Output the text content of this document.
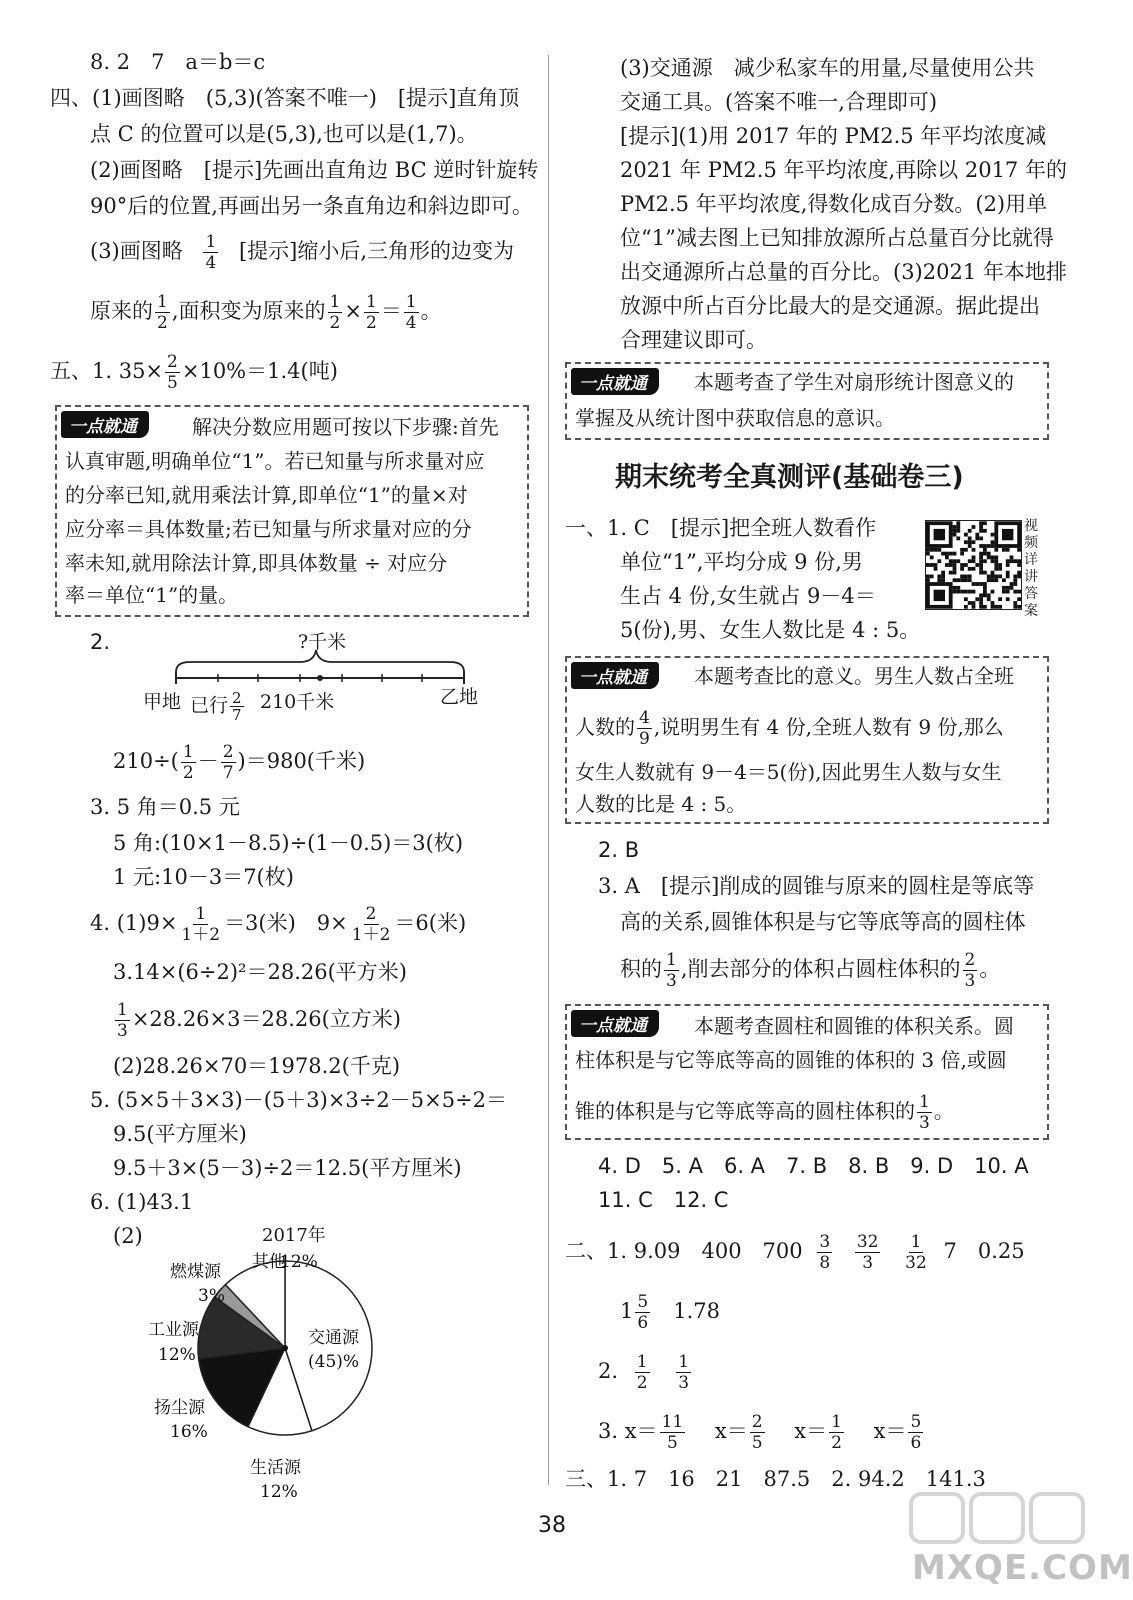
8. 2　7　a＝b＝c
四、(1)画图略　(5,3)(答案不唯一)　[提示]直角顶
点 C 的位置可以是(5,3),也可以是(1,7)。
(2)画图略　[提示]先画出直角边 BC 逆时针旋转
90°后的位置,再画出另一条直角边和斜边即可。
(3)画图略 $\frac{1}{4}$ [提示]缩小后,三角形的边变为
原来的 $\frac{1}{2}$ ,面积变为原来的 $\frac{1}{2} \times \frac{1}{2} = \frac{1}{4}$ 。
五、1. $35\times \frac{2}{5} \times 10\%=1.4$(吨)
一点就通	解决分数应用题可按以下步骤:首先
认真审题,明确单位“1”。若已知量与所求量对应
的分率已知,就用乘法计算,即单位“1”的量×对
应分率＝具体数量;若已知量与所求量对应的分
率未知,就用除法计算,即具体数量 ÷ 对应分
率＝单位“1”的量。
2.	?千米
甲地 已行 $\frac{2}{7} 210$千米	乙地
$210\div( \frac{1}{2} - \frac{2}{7} )=980$(千米)
3. 5 角＝0.5 元
5 角:(10×1－8.5)÷(1－0.5)＝3(枚)
1 元:10－3＝7(枚)
4. $(1)9\times \frac{1}{1+2} =3$(米)　$9\times \frac{2}{1+2} =6$(米)
3.14×(6÷2)²＝28.26(平方米)
$\frac{1}{3} \times 28.26\times 3=28.26$(立方米)
(2)28.26×70＝1978.2(千克)
5. (5×5＋3×3)－(5＋3)×3÷2－5×5÷2＝
9.5(平方厘米)
9.5＋3×(5－3)÷2＝12.5(平方厘米)
6. (1)43.1
(2)
交通源
(45)%
生活源
12%
扬尘源
16%
工业源
12%
燃煤源
3%
其他
12%
2017年
(3)交通源　减少私家车的用量,尽量使用公共
交通工具。(答案不唯一,合理即可)
[提示](1)用 2017 年的 PM2.5 年平均浓度减
2021 年 PM2.5 年平均浓度,再除以 2017 年的
PM2.5 年平均浓度,得数化成百分数。(2)用单
位“1”减去图上已知排放源所占总量百分比就得
出交通源所占总量的百分比。(3)2021 年本地排
放源中所占百分比最大的是交通源。据此提出
合理建议即可。
一点就通	本题考查了学生对扇形统计图意义的
掌握及从统计图中获取信息的意识。
期末统考全真测评(基础卷三)
视频详讲答案
一、1. C　[提示]把全班人数看作
单位“1”,平均分成 9 份,男
生占 4 份,女生就占 9－4＝
5(份),男、女生人数比是 4 : 5。
一点就通	本题考查比的意义。男生人数占全班
人数的 $\frac{4}{9}$ ,说明男生有 4 份,全班人数有 9 份,那么
女生人数就有 9－4＝5(份),因此男生人数与女生
人数的比是 4 : 5。
2. B
3. A　[提示]削成的圆锥与原来的圆柱是等底等
高的关系,圆锥体积是与它等底等高的圆柱体
积的 $\frac{1}{3}$ ,削去部分的体积占圆柱体积的 $\frac{2}{3}$ 。
一点就通	本题考查圆柱和圆锥的体积关系。圆
柱体积是与它等底等高的圆锥的体积的 3 倍,或圆
锥的体积是与它等底等高的圆柱体积的 $\frac{1}{3}$ 。
4. D　5. A　6. A　7. B　8. B　9. D　10. A
11. C　12. C
二、1. 9.09　400　$700 \frac{3}{8}$
$\frac{32}{3}$
$\frac{1}{32} 7$　0.25
$1 \frac{5}{6}$
　 1.78
2. $\frac{1}{2}$
$\frac{1}{3}$
3. $x= \frac{11}{5}$
　 $x= \frac{2}{5}$
　 $x= \frac{1}{2}$
　 $x= \frac{5}{6}$
三、1. 7　16　21　87.5　2. 94.2　141.3
38
MXQE.COM
